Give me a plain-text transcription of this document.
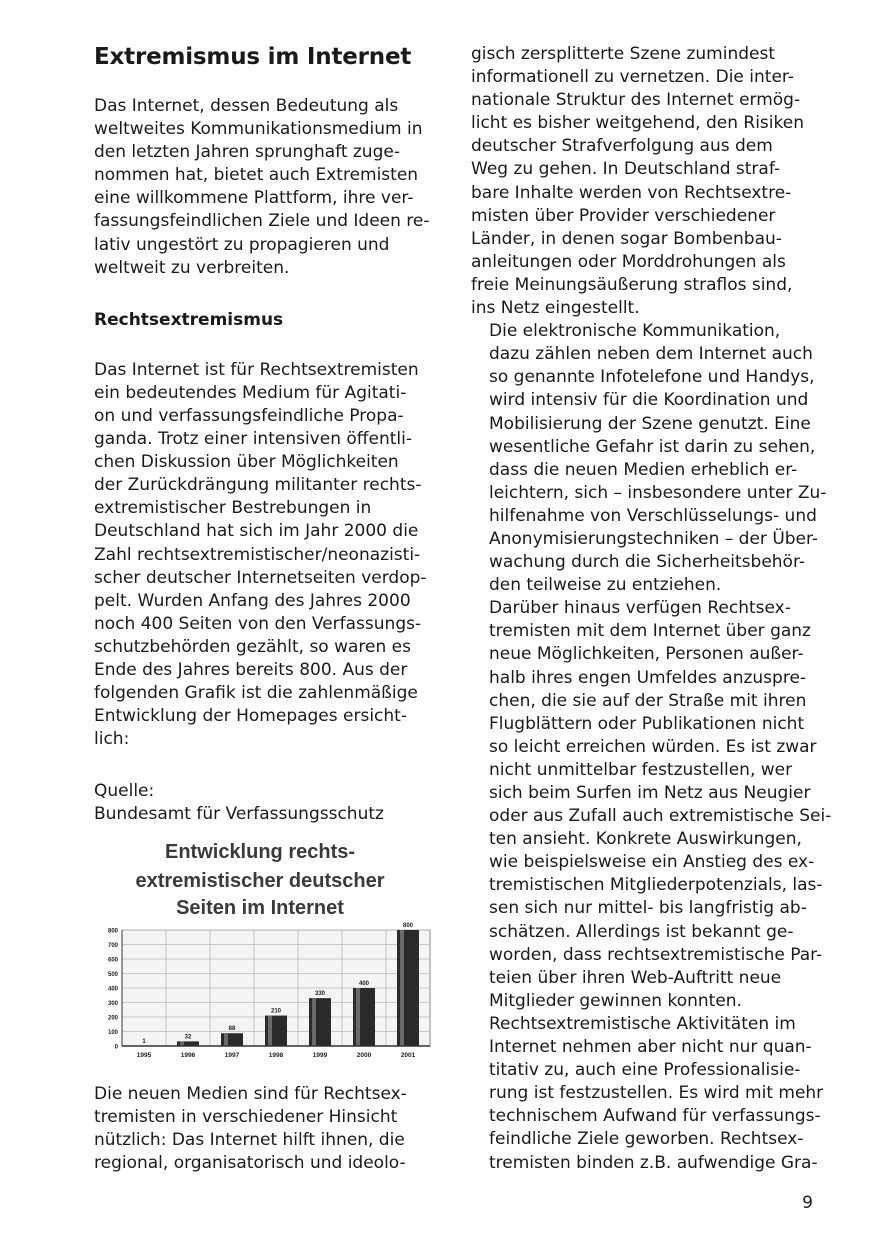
Extremismus im Internet
Das Internet, dessen Bedeutung als
weltweites Kommunikationsmedium in
den letzten Jahren sprunghaft zuge-
nommen hat, bietet auch Extremisten
eine willkommene Plattform, ihre ver-
fassungsfeindlichen Ziele und Ideen re-
lativ ungestört zu propagieren und
weltweit zu verbreiten.
Rechtsextremismus
Das Internet ist für Rechtsextremisten
ein bedeutendes Medium für Agitati-
on und verfassungsfeindliche Propa-
ganda. Trotz einer intensiven öffentli-
chen Diskussion über Möglichkeiten
der Zurückdrängung militanter rechts-
extremistischer Bestrebungen in
Deutschland hat sich im Jahr 2000 die
Zahl rechtsextremistischer/neonazisti-
scher deutscher Internetseiten verdop-
pelt. Wurden Anfang des Jahres 2000
noch 400 Seiten von den Verfassungs-
schutzbehörden gezählt, so waren es
Ende des Jahres bereits 800. Aus der
folgenden Grafik ist die zahlenmäßige
Entwicklung der Homepages ersicht-
lich:

Quelle:

Bundesamt für Verfassungsschutz

Entwicklung rechts-
extremistischer deutscher
Seiten im Internet
0
100
200
300
400
500
600
700
800
1
1995
32
1996
88
1997
210
1998
330
1999
400
2000
800
2001
Die neuen Medien sind für Rechtsex-
tremisten in verschiedener Hinsicht
nützlich: Das Internet hilft ihnen, die
regional, organisatorisch und ideolo-
gisch zersplitterte Szene zumindest
informationell zu vernetzen. Die inter-
nationale Struktur des Internet ermög-
licht es bisher weitgehend, den Risiken
deutscher Strafverfolgung aus dem
Weg zu gehen. In Deutschland straf-
bare Inhalte werden von Rechtsextre-
misten über Provider verschiedener
Länder, in denen sogar Bombenbau-
anleitungen oder Morddrohungen als
freie Meinungsäußerung straflos sind,
ins Netz eingestellt.
Die elektronische Kommunikation,
dazu zählen neben dem Internet auch
so genannte Infotelefone und Handys,
wird intensiv für die Koordination und
Mobilisierung der Szene genutzt. Eine
wesentliche Gefahr ist darin zu sehen,
dass die neuen Medien erheblich er-
leichtern, sich – insbesondere unter Zu-
hilfenahme von Verschlüsselungs- und
Anonymisierungstechniken – der Über-
wachung durch die Sicherheitsbehör-
den teilweise zu entziehen.
Darüber hinaus verfügen Rechtsex-
tremisten mit dem Internet über ganz
neue Möglichkeiten, Personen außer-
halb ihres engen Umfeldes anzuspre-
chen, die sie auf der Straße mit ihren
Flugblättern oder Publikationen nicht
so leicht erreichen würden. Es ist zwar
nicht unmittelbar festzustellen, wer
sich beim Surfen im Netz aus Neugier
oder aus Zufall auch extremistische Sei-
ten ansieht. Konkrete Auswirkungen,
wie beispielsweise ein Anstieg des ex-
tremistischen Mitgliederpotenzials, las-
sen sich nur mittel- bis langfristig ab-
schätzen. Allerdings ist bekannt ge-
worden, dass rechtsextremistische Par-
teien über ihren Web-Auftritt neue
Mitglieder gewinnen konnten.
Rechtsextremistische Aktivitäten im
Internet nehmen aber nicht nur quan-
titativ zu, auch eine Professionalisie-
rung ist festzustellen. Es wird mit mehr
technischem Aufwand für verfassungs-
feindliche Ziele geworben. Rechtsex-
tremisten binden z.B. aufwendige Gra-
9
